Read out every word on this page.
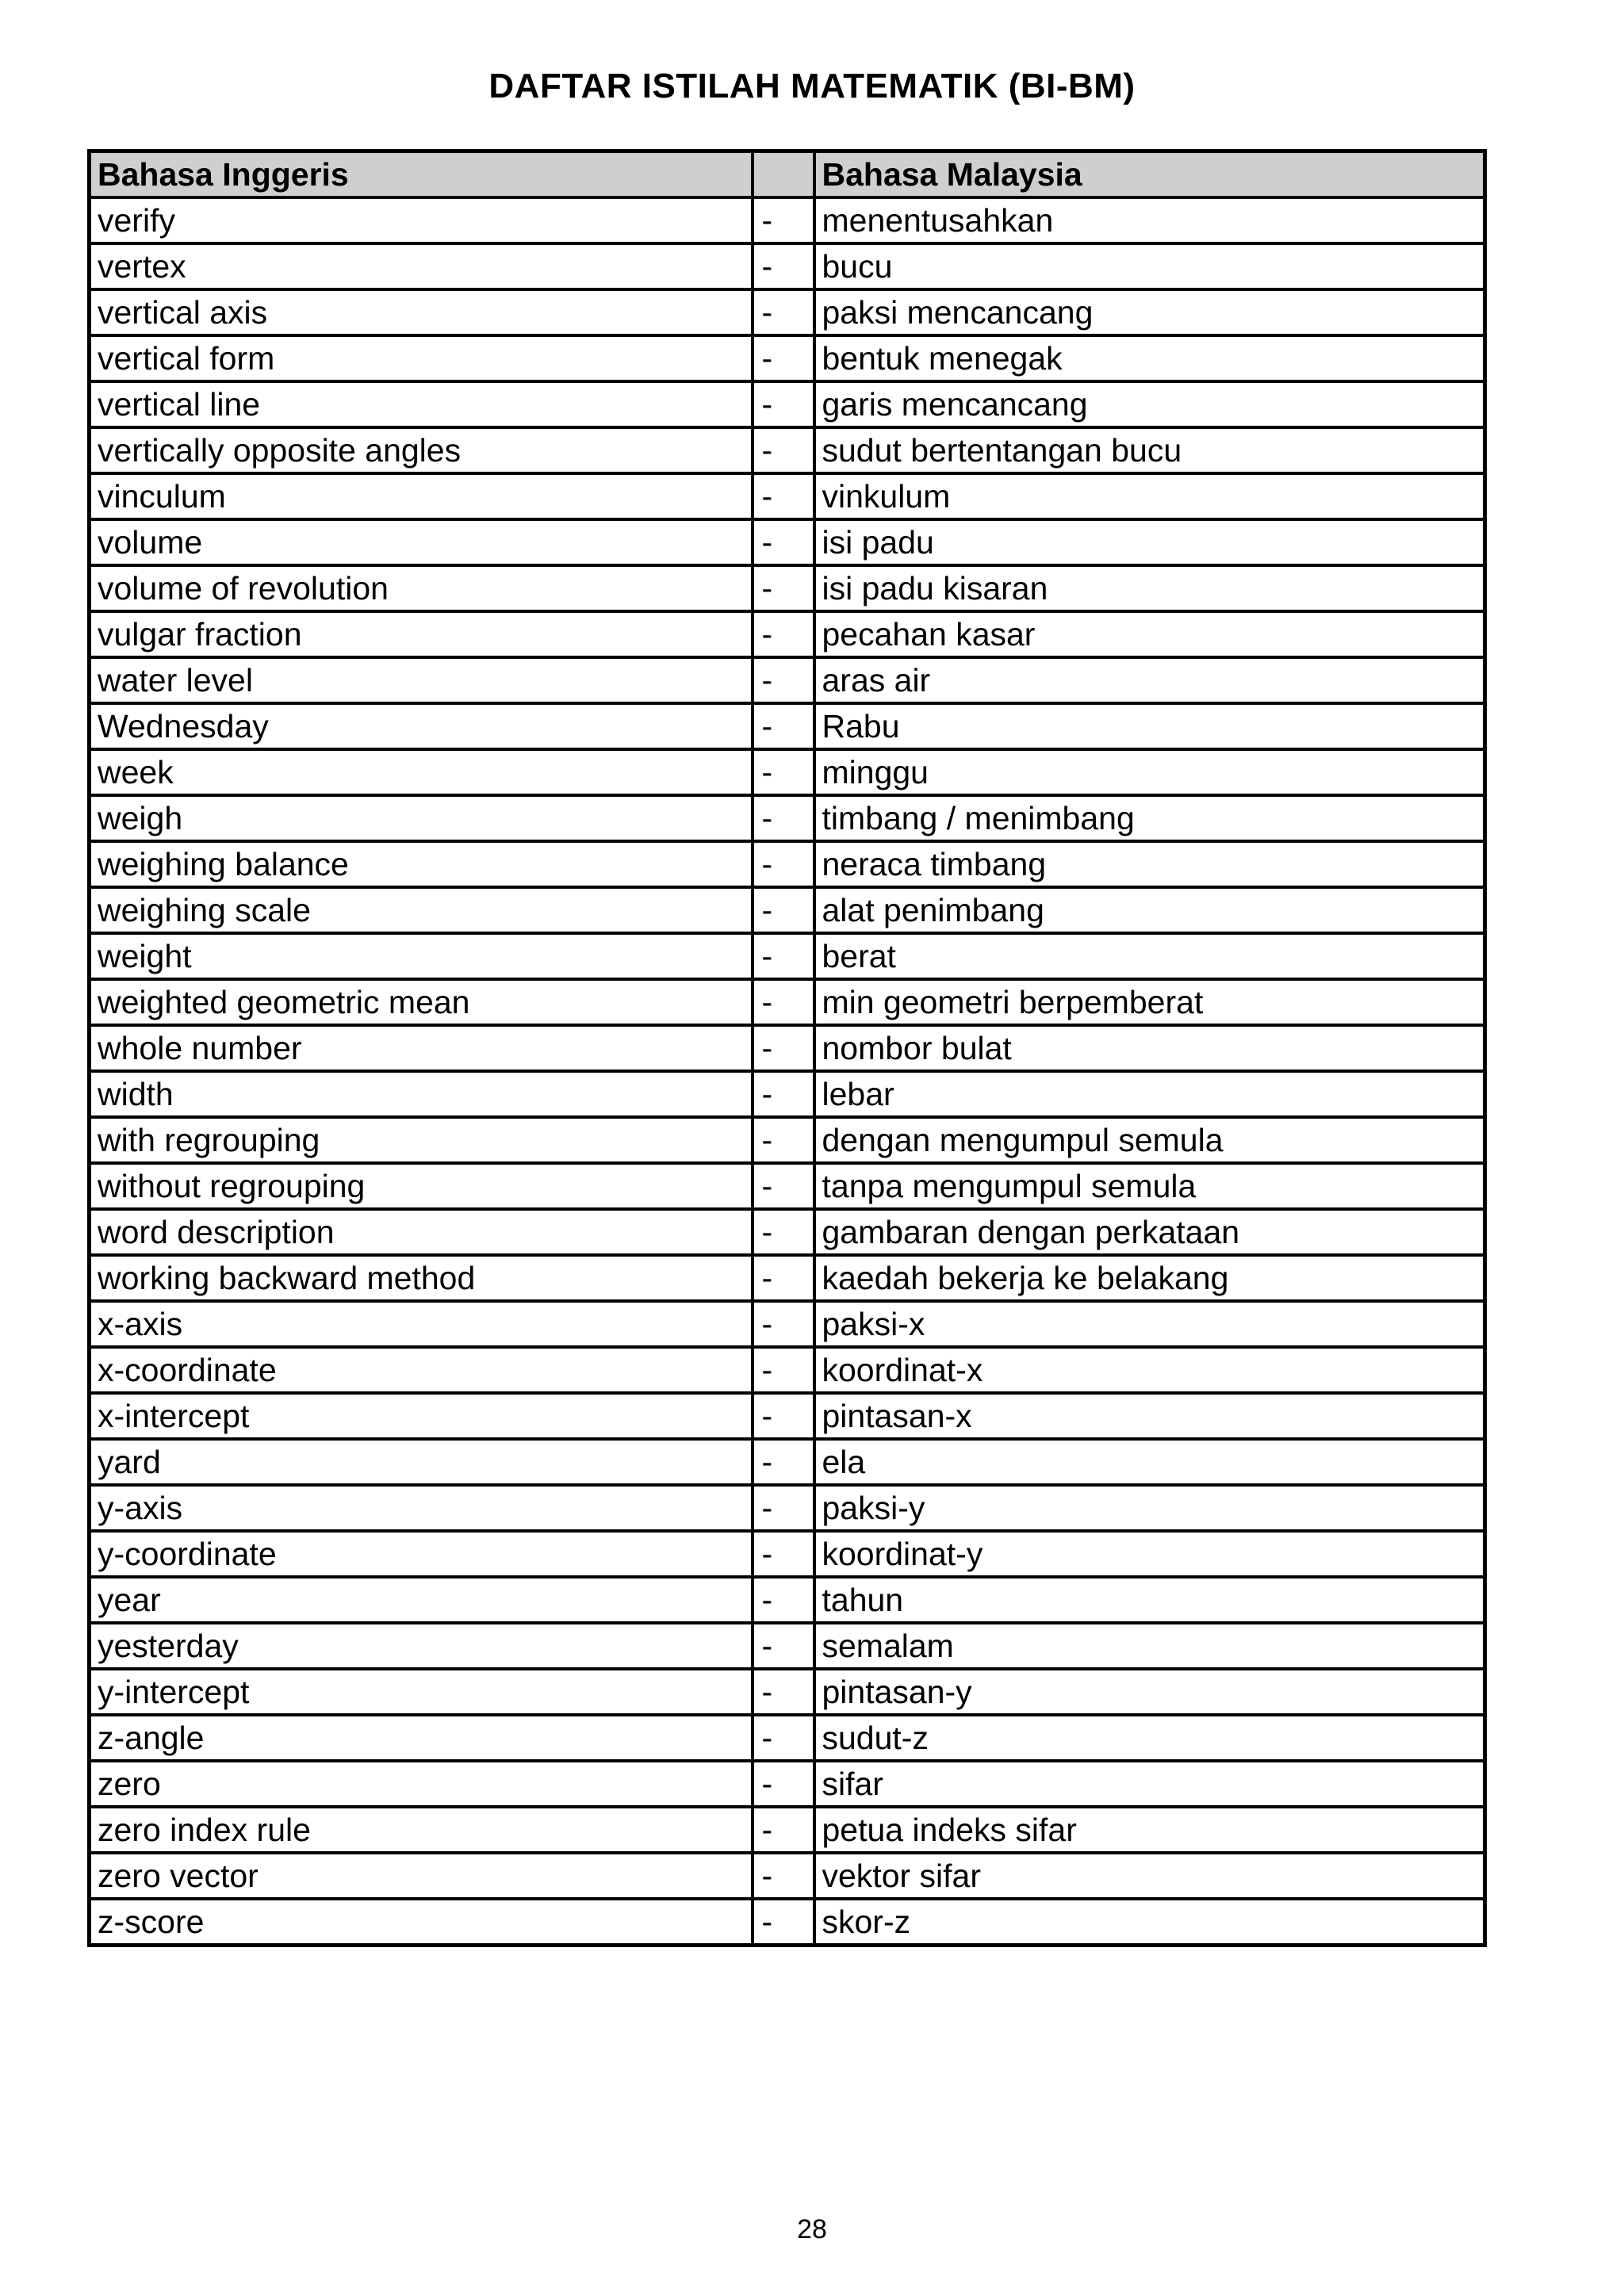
DAFTAR ISTILAH MATEMATIK (BI-BM)
Bahasa Inggeris		Bahasa Malaysia
verify	-	menentusahkan
vertex	-	bucu
vertical axis	-	paksi mencancang
vertical form	-	bentuk menegak
vertical line	-	garis mencancang
vertically opposite angles	-	sudut bertentangan bucu
vinculum	-	vinkulum
volume	-	isi padu
volume of revolution	-	isi padu kisaran
vulgar fraction	-	pecahan kasar
water level	-	aras air
Wednesday	-	Rabu
week	-	minggu
weigh	-	timbang / menimbang
weighing balance	-	neraca timbang
weighing scale	-	alat penimbang
weight	-	berat
weighted geometric mean	-	min geometri berpemberat
whole number	-	nombor bulat
width	-	lebar
with regrouping	-	dengan mengumpul semula
without regrouping	-	tanpa mengumpul semula
word description	-	gambaran dengan perkataan
working backward method	-	kaedah bekerja ke belakang
x-axis	-	paksi-x
x-coordinate	-	koordinat-x
x-intercept	-	pintasan-x
yard	-	ela
y-axis	-	paksi-y
y-coordinate	-	koordinat-y
year	-	tahun
yesterday	-	semalam
y-intercept	-	pintasan-y
z-angle	-	sudut-z
zero	-	sifar
zero index rule	-	petua indeks sifar
zero vector	-	vektor sifar
z-score	-	skor-z
28
